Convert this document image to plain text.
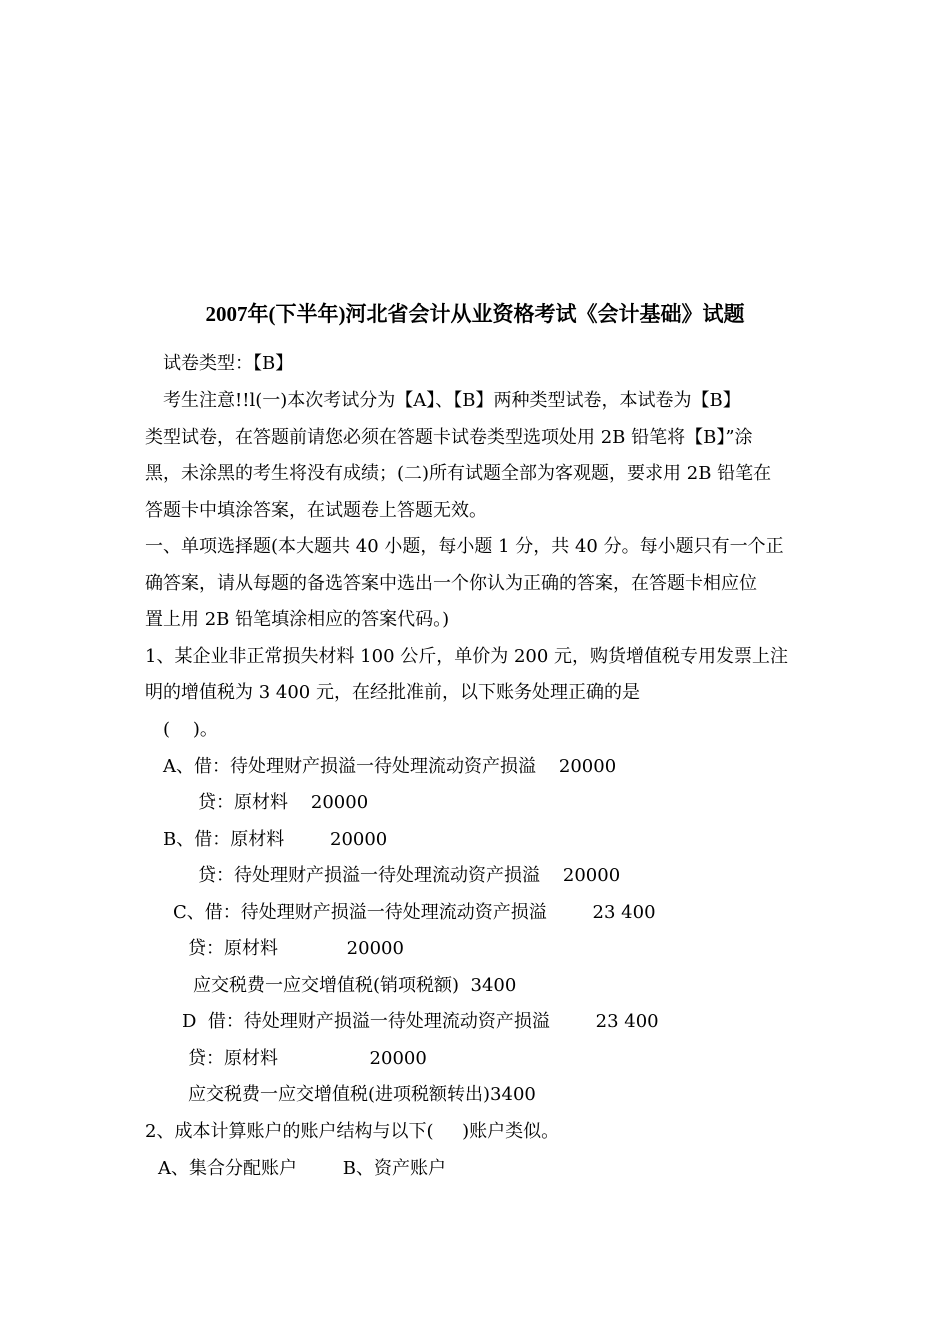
2007年(下半年)河北省会计从业资格考试《会计基础》试题
试卷类型：【B】
考生注意!!l(一)本次考试分为【A】、【B】两种类型试卷，本试卷为【B】
类型试卷，在答题前请您必须在答题卡试卷类型选项处用 2B 铅笔将【B】”涂
黑，未涂黑的考生将没有成绩；(二)所有试题全部为客观题，要求用 2B 铅笔在
答题卡中填涂答案，在试题卷上答题无效。
一、单项选择题(本大题共 40 小题，每小题 1 分，共 40 分。每小题只有一个正
确答案，请从每题的备选答案中选出一个你认为正确的答案，在答题卡相应位
置上用 2B 铅笔填涂相应的答案代码。)
1、某企业非正常损失材料 100 公斤，单价为 200 元，购货增值税专用发票上注
明的增值税为 3 400 元，在经批准前，以下账务处理正确的是
(    )。
A、借：待处理财产损溢一待处理流动资产损溢    20000
贷：原材料    20000
B、借：原材料        20000
贷：待处理财产损溢一待处理流动资产损溢    20000
C、借：待处理财产损溢一待处理流动资产损溢        23 400
贷：原材料            20000
应交税费一应交增值税(销项税额)  3400
D  借：待处理财产损溢一待处理流动资产损溢        23 400
贷：原材料                20000
应交税费一应交增值税(进项税额转出)3400
2、成本计算账户的账户结构与以下(     )账户类似。
A、集合分配账户        B、资产账户
